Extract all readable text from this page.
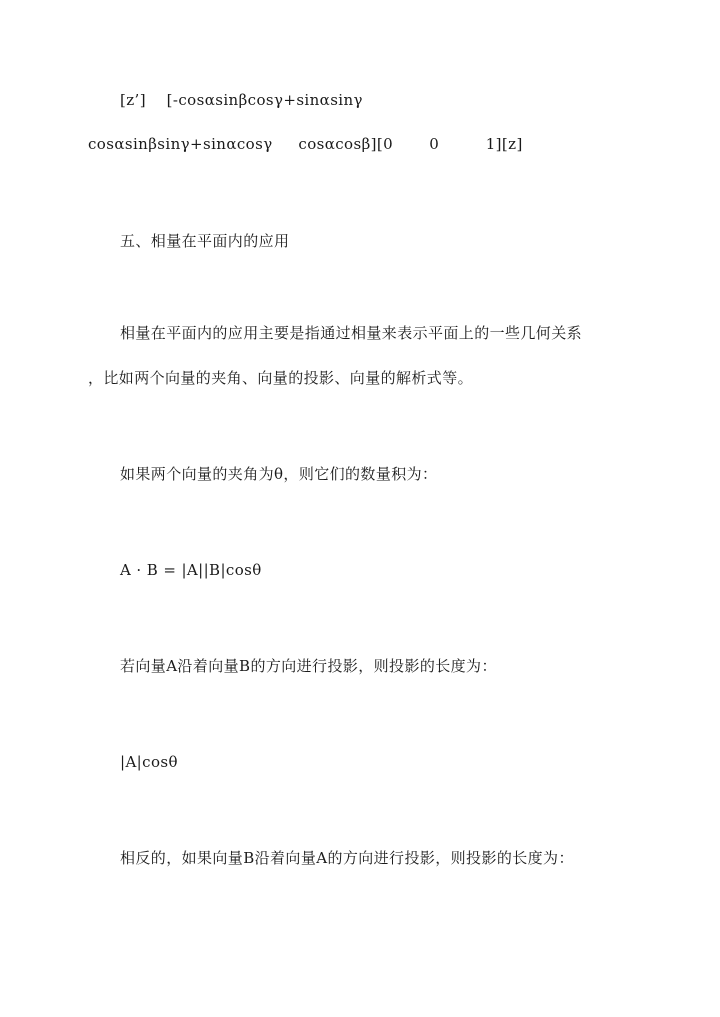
[z’]    [-cosαsinβcosγ+sinαsinγ
cosαsinβsinγ+sinαcosγ     cosαcosβ][0       0         1][z]
五、相量在平面内的应用
相量在平面内的应用主要是指通过相量来表示平面上的一些几何关系
，比如两个向量的夹角、向量的投影、向量的解析式等。
如果两个向量的夹角为θ，则它们的数量积为：
A · B = |A||B|cosθ
若向量A沿着向量B的方向进行投影，则投影的长度为：
|A|cosθ
相反的，如果向量B沿着向量A的方向进行投影，则投影的长度为：
